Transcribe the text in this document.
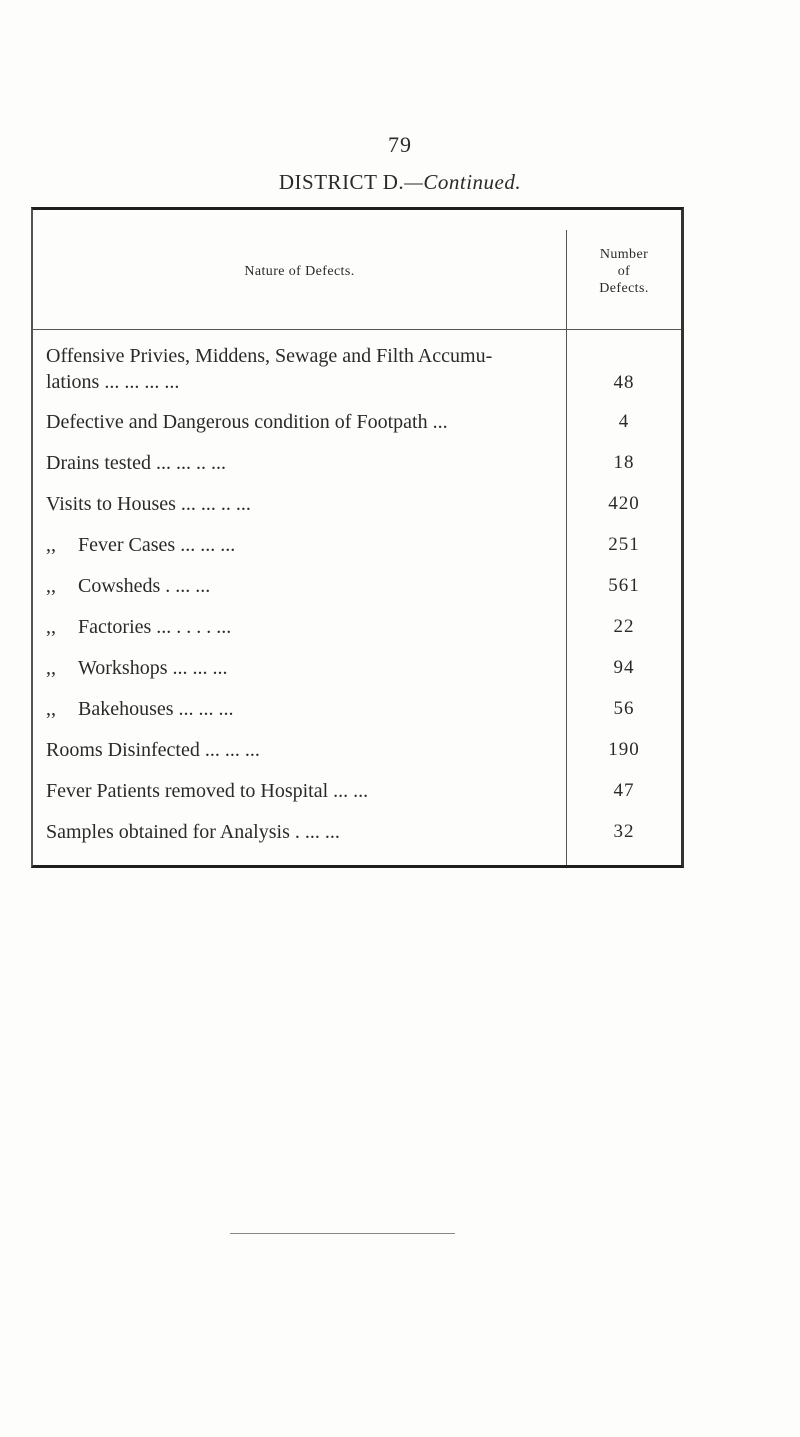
79
DISTRICT D.—Continued.
Nature of Defects.
Number
of
Defects.
Offensive Privies, Middens, Sewage and Filth Accumu-
lations ... ... ... ...	48
Defective and Dangerous condition of Footpath ...	4
Drains tested ... ... .. ...	18
Visits to Houses ... ... .. ...	420
,, Fever Cases ... ... ...	251
,, Cowsheds . ... ...	561
,, Factories ... . . . . ...	22
,, Workshops ... ... ...	94
,, Bakehouses ... ... ...	56
Rooms Disinfected ... ... ...	190
Fever Patients removed to Hospital ... ...	47
Samples obtained for Analysis . ... ...	32
